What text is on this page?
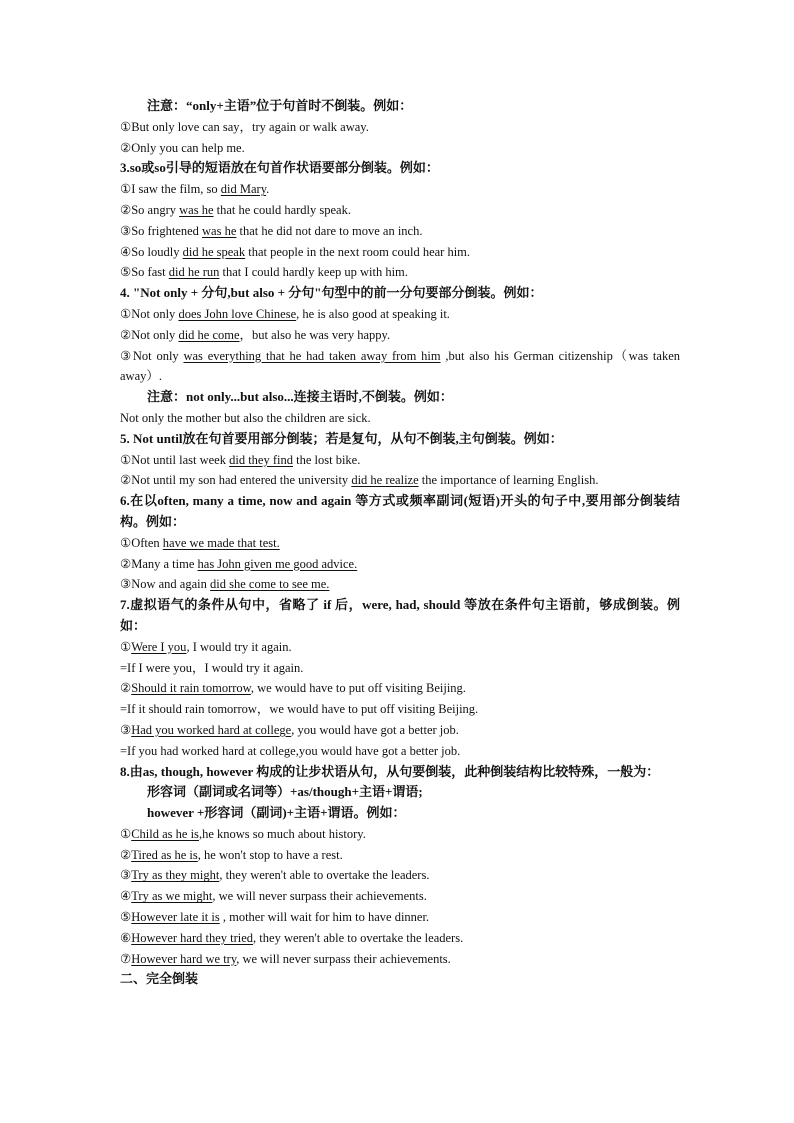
注意：“only+主语”位于句首时不倒装。例如：
①But only love can say，try again or walk away.
②Only you can help me.
3.so或so引导的短语放在句首作状语要部分倒装。例如：
①I saw the film, so did Mary.
②So angry was he that he could hardly speak.
③So frightened was he that he did not dare to move an inch.
④So loudly did he speak that people in the next room could hear him.
⑤So fast did he run that I could hardly keep up with him.
4. "Not only + 分句,but also + 分句"句型中的前一分句要部分倒装。例如：
①Not only does John love Chinese, he is also good at speaking it.
②Not only did he come，but also he was very happy.
③Not only was everything that he had taken away from him ,but also his German citizenship（was taken away）.
注意：not only...but also...连接主语时,不倒装。例如：
Not only the mother but also the children are sick.
5. Not until放在句首要用部分倒装；若是复句，从句不倒装,主句倒装。例如：
①Not until last week did they find the lost bike.
②Not until my son had entered the university did he realize the importance of learning English.
6.在以often, many a time, now and again 等方式或频率副词(短语)开头的句子中,要用部分倒装结构。例如：
①Often have we made that test.
②Many a time has John given me good advice.
③Now and again did she come to see me.
7.虚拟语气的条件从句中，省略了 if 后，were, had, should 等放在条件句主语前，够成倒装。例如：
①Were I you, I would try it again.
=If I were you，I would try it again.
②Should it rain tomorrow, we would have to put off visiting Beijing.
=If it should rain tomorrow，we would have to put off visiting Beijing.
③Had you worked hard at college, you would have got a better job.
=If you had worked hard at college,you would have got a better job.
8.由as, though, however 构成的让步状语从句，从句要倒装，此种倒装结构比较特殊，一般为：
形容词（副词或名词等）+as/though+主语+谓语;
however +形容词（副词)+主语+谓语。例如：
①Child as he is,he knows so much about history.
②Tired as he is, he won't stop to have a rest.
③Try as they might, they weren't able to overtake the leaders.
④Try as we might, we will never surpass their achievements.
⑤However late it is , mother will wait for him to have dinner.
⑥However hard they tried, they weren't able to overtake the leaders.
⑦However hard we try, we will never surpass their achievements.
二、完全倒装
